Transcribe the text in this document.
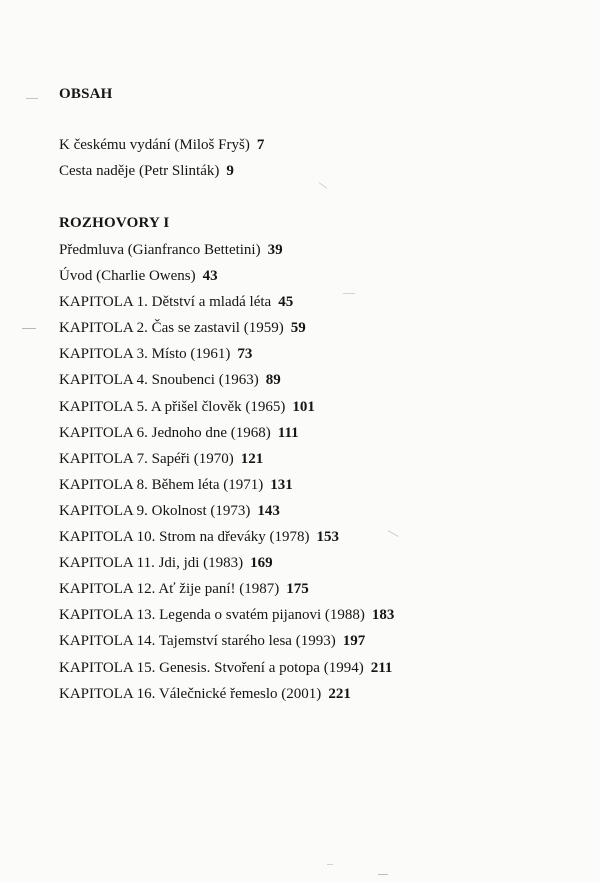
OBSAH
K českému vydání (Miloš Fryš) 7
Cesta naděje (Petr Slinták) 9
ROZHOVORY I
Předmluva (Gianfranco Bettetini) 39
Úvod (Charlie Owens) 43
KAPITOLA 1. Dětství a mladá léta 45
KAPITOLA 2. Čas se zastavil (1959) 59
KAPITOLA 3. Místo (1961) 73
KAPITOLA 4. Snoubenci (1963) 89
KAPITOLA 5. A přišel člověk (1965) 101
KAPITOLA 6. Jednoho dne (1968) 111
KAPITOLA 7. Sapéři (1970) 121
KAPITOLA 8. Během léta (1971) 131
KAPITOLA 9. Okolnost (1973) 143
KAPITOLA 10. Strom na dřeváky (1978) 153
KAPITOLA 11. Jdi, jdi (1983) 169
KAPITOLA 12. Ať žije paní! (1987) 175
KAPITOLA 13. Legenda o svatém pijanovi (1988) 183
KAPITOLA 14. Tajemství starého lesa (1993) 197
KAPITOLA 15. Genesis. Stvoření a potopa (1994) 211
KAPITOLA 16. Válečnické řemeslo (2001) 221
